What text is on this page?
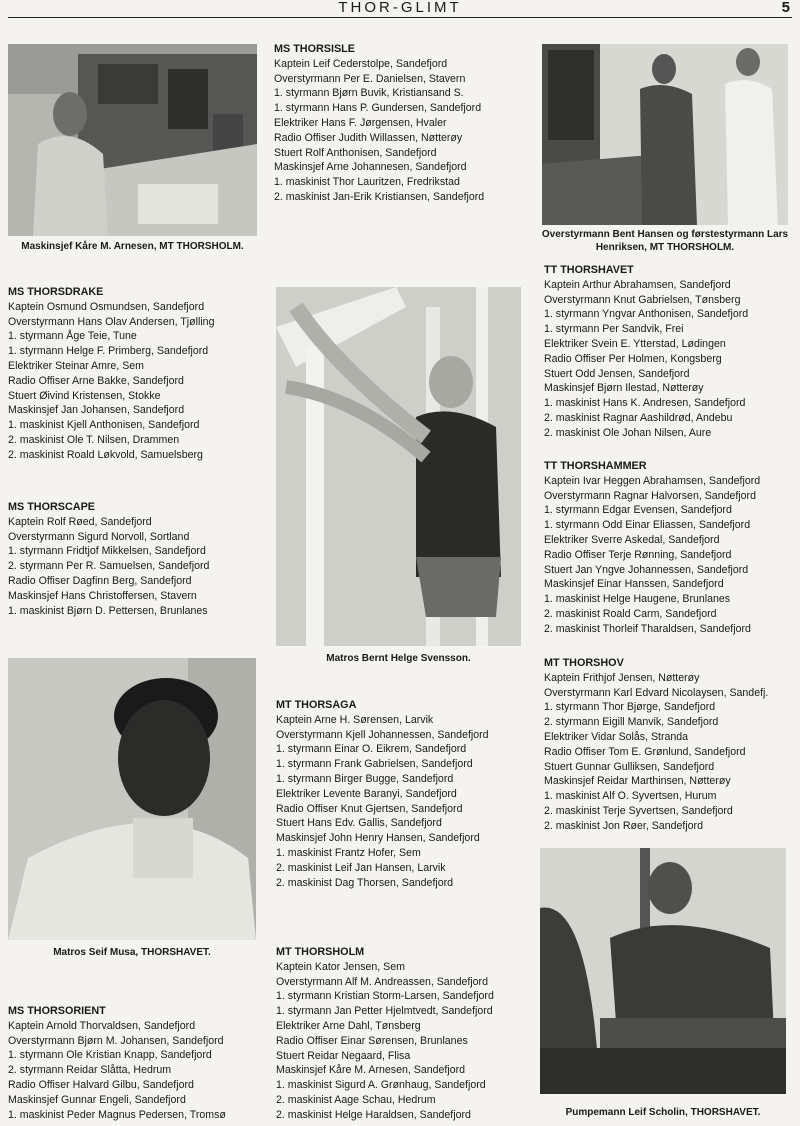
THOR-GLIMT	5
Maskinsjef Kåre M. Arnesen, MT THORSHOLM.
Overstyrmann Bent Hansen og førstestyrmann Lars Henriksen, MT THORSHOLM.
Matros Bernt Helge Svensson.
Matros Seif Musa, THORSHAVET.
Pumpemann Leif Scholin, THORSHAVET.
MS THORSISLE
Kaptein Leif Cederstolpe, Sandefjord
Overstyrmann Per E. Danielsen, Stavern
1. styrmann Bjørn Buvik, Kristiansand S.
1. styrmann Hans P. Gundersen, Sandefjord
Elektriker Hans F. Jørgensen, Hvaler
Radio Offiser Judith Willassen, Nøtterøy
Stuert Rolf Anthonisen, Sandefjord
Maskinsjef Arne Johannesen, Sandefjord
1. maskinist Thor Lauritzen, Fredrikstad
2. maskinist Jan-Erik Kristiansen, Sandefjord
MS THORSDRAKE
Kaptein Osmund Osmundsen, Sandefjord
Overstyrmann Hans Olav Andersen, Tjølling
1. styrmann Åge Teie, Tune
1. styrmann Helge F. Primberg, Sandefjord
Elektriker Steinar Amre, Sem
Radio Offiser Arne Bakke, Sandefjord
Stuert Øivind Kristensen, Stokke
Maskinsjef Jan Johansen, Sandefjord
1. maskinist Kjell Anthonisen, Sandefjord
2. maskinist Ole T. Nilsen, Drammen
2. maskinist Roald Løkvold, Samuelsberg
MS THORSCAPE
Kaptein Rolf Røed, Sandefjord
Overstyrmann Sigurd Norvoll, Sortland
1. styrmann Fridtjof Mikkelsen, Sandefjord
2. styrmann Per R. Samuelsen, Sandefjord
Radio Offiser Dagfinn Berg, Sandefjord
Maskinsjef Hans Christoffersen, Stavern
1. maskinist Bjørn D. Pettersen, Brunlanes
MS THORSORIENT
Kaptein Arnold Thorvaldsen, Sandefjord
Overstyrmann Bjørn M. Johansen, Sandefjord
1. styrmann Ole Kristian Knapp, Sandefjord
2. styrmann Reidar Slåtta, Hedrum
Radio Offiser Halvard Gilbu, Sandefjord
Maskinsjef Gunnar Engeli, Sandefjord
1. maskinist Peder Magnus Pedersen, Tromsø
MT THORSAGA
Kaptein Arne H. Sørensen, Larvik
Overstyrmann Kjell Johannessen, Sandefjord
1. styrmann Einar O. Eikrem, Sandefjord
1. styrmann Frank Gabrielsen, Sandefjord
1. styrmann Birger Bugge, Sandefjord
Elektriker Levente Baranyi, Sandefjord
Radio Offiser Knut Gjertsen, Sandefjord
Stuert Hans Edv. Gallis, Sandefjord
Maskinsjef John Henry Hansen, Sandefjord
1. maskinist Frantz Hofer, Sem
2. maskinist Leif Jan Hansen, Larvik
2. maskinist Dag Thorsen, Sandefjord
MT THORSHOLM
Kaptein Kator Jensen, Sem
Overstyrmann Alf M. Andreassen, Sandefjord
1. styrmann Kristian Storm-Larsen, Sandefjord
1. styrmann Jan Petter Hjelmtvedt, Sandefjord
Elektriker Arne Dahl, Tønsberg
Radio Offiser Einar Sørensen, Brunlanes
Stuert Reidar Negaard, Flisa
Maskinsjef Kåre M. Arnesen, Sandefjord
1. maskinist Sigurd A. Grønhaug, Sandefjord
2. maskinist Aage Schau, Hedrum
2. maskinist Helge Haraldsen, Sandefjord
TT THORSHAVET
Kaptein Arthur Abrahamsen, Sandefjord
Overstyrmann Knut Gabrielsen, Tønsberg
1. styrmann Yngvar Anthonisen, Sandefjord
1. styrmann Per Sandvik, Frei
Elektriker Svein E. Ytterstad, Lødingen
Radio Offiser Per Holmen, Kongsberg
Stuert Odd Jensen, Sandefjord
Maskinsjef Bjørn Ilestad, Nøtterøy
1. maskinist Hans K. Andresen, Sandefjord
2. maskinist Ragnar Aashildrød, Andebu
2. maskinist Ole Johan Nilsen, Aure
TT THORSHAMMER
Kaptein Ivar Heggen Abrahamsen, Sandefjord
Overstyrmann Ragnar Halvorsen, Sandefjord
1. styrmann Edgar Evensen, Sandefjord
1. styrmann Odd Einar Eliassen, Sandefjord
Elektriker Sverre Askedal, Sandefjord
Radio Offiser Terje Rønning, Sandefjord
Stuert Jan Yngve Johannessen, Sandefjord
Maskinsjef Einar Hanssen, Sandefjord
1. maskinist Helge Haugene, Brunlanes
2. maskinist Roald Carm, Sandefjord
2. maskinist Thorleif Tharaldsen, Sandefjord
MT THORSHOV
Kaptein Frithjof Jensen, Nøtterøy
Overstyrmann Karl Edvard Nicolaysen, Sandefj.
1. styrmann Thor Bjørge, Sandefjord
2. styrmann Eigill Manvik, Sandefjord
Elektriker Vidar Solås, Stranda
Radio Offiser Tom E. Grønlund, Sandefjord
Stuert Gunnar Gulliksen, Sandefjord
Maskinsjef Reidar Marthinsen, Nøtterøy
1. maskinist Alf O. Syvertsen, Hurum
2. maskinist Terje Syvertsen, Sandefjord
2. maskinist Jon Røer, Sandefjord
